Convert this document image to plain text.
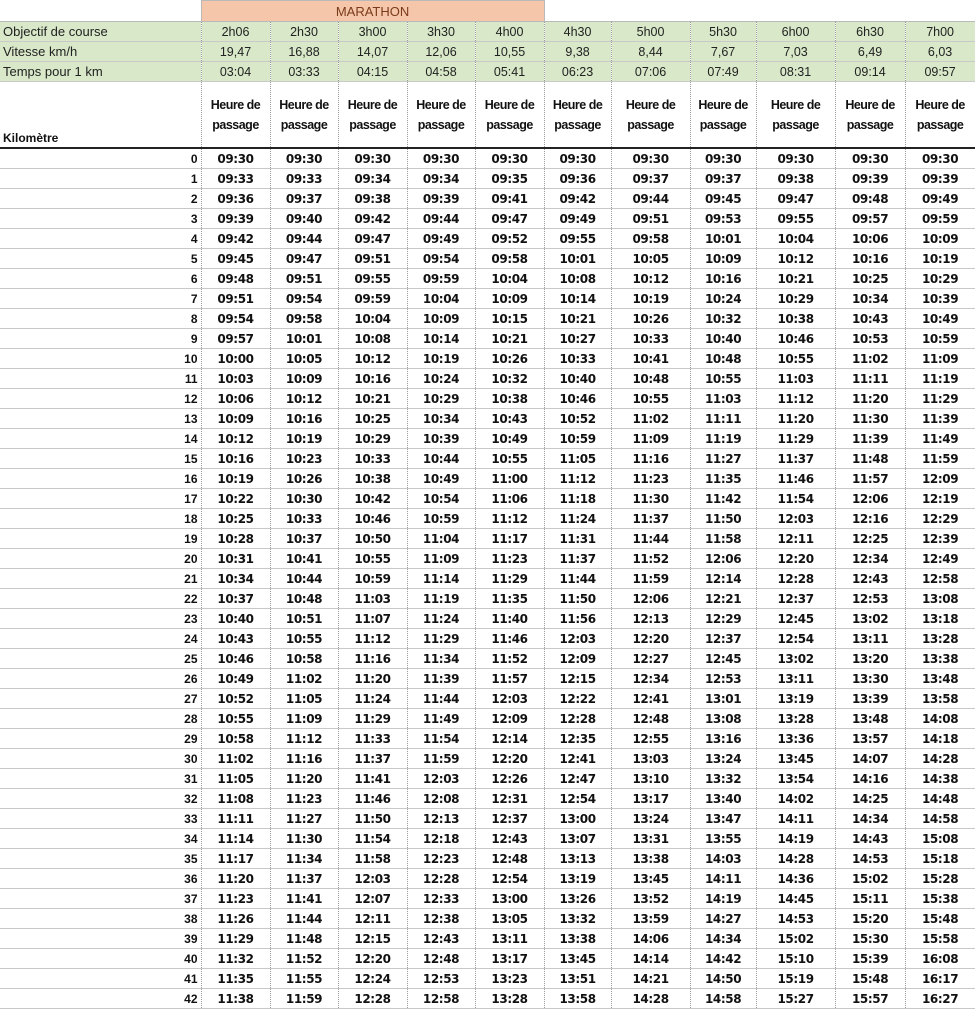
	MARATHON										
Objectif de course	2h06	2h30	3h00	3h30	4h00	4h30	5h00	5h30	6h00	6h30	7h00
Vitesse km/h	19,47	16,88	14,07	12,06	10,55	9,38	8,44	7,67	7,03	6,49	6,03
Temps pour 1 km	03:04	03:33	04:15	04:58	05:41	06:23	07:06	07:49	08:31	09:14	09:57
Kilomètre	Heure de passage	Heure de passage	Heure de passage	Heure de passage	Heure de passage	Heure de passage	Heure de passage	Heure de passage	Heure de passage	Heure de passage	Heure de passage
0	09:30	09:30	09:30	09:30	09:30	09:30	09:30	09:30	09:30	09:30	09:30
1	09:33	09:33	09:34	09:34	09:35	09:36	09:37	09:37	09:38	09:39	09:39
2	09:36	09:37	09:38	09:39	09:41	09:42	09:44	09:45	09:47	09:48	09:49
3	09:39	09:40	09:42	09:44	09:47	09:49	09:51	09:53	09:55	09:57	09:59
4	09:42	09:44	09:47	09:49	09:52	09:55	09:58	10:01	10:04	10:06	10:09
5	09:45	09:47	09:51	09:54	09:58	10:01	10:05	10:09	10:12	10:16	10:19
6	09:48	09:51	09:55	09:59	10:04	10:08	10:12	10:16	10:21	10:25	10:29
7	09:51	09:54	09:59	10:04	10:09	10:14	10:19	10:24	10:29	10:34	10:39
8	09:54	09:58	10:04	10:09	10:15	10:21	10:26	10:32	10:38	10:43	10:49
9	09:57	10:01	10:08	10:14	10:21	10:27	10:33	10:40	10:46	10:53	10:59
10	10:00	10:05	10:12	10:19	10:26	10:33	10:41	10:48	10:55	11:02	11:09
11	10:03	10:09	10:16	10:24	10:32	10:40	10:48	10:55	11:03	11:11	11:19
12	10:06	10:12	10:21	10:29	10:38	10:46	10:55	11:03	11:12	11:20	11:29
13	10:09	10:16	10:25	10:34	10:43	10:52	11:02	11:11	11:20	11:30	11:39
14	10:12	10:19	10:29	10:39	10:49	10:59	11:09	11:19	11:29	11:39	11:49
15	10:16	10:23	10:33	10:44	10:55	11:05	11:16	11:27	11:37	11:48	11:59
16	10:19	10:26	10:38	10:49	11:00	11:12	11:23	11:35	11:46	11:57	12:09
17	10:22	10:30	10:42	10:54	11:06	11:18	11:30	11:42	11:54	12:06	12:19
18	10:25	10:33	10:46	10:59	11:12	11:24	11:37	11:50	12:03	12:16	12:29
19	10:28	10:37	10:50	11:04	11:17	11:31	11:44	11:58	12:11	12:25	12:39
20	10:31	10:41	10:55	11:09	11:23	11:37	11:52	12:06	12:20	12:34	12:49
21	10:34	10:44	10:59	11:14	11:29	11:44	11:59	12:14	12:28	12:43	12:58
22	10:37	10:48	11:03	11:19	11:35	11:50	12:06	12:21	12:37	12:53	13:08
23	10:40	10:51	11:07	11:24	11:40	11:56	12:13	12:29	12:45	13:02	13:18
24	10:43	10:55	11:12	11:29	11:46	12:03	12:20	12:37	12:54	13:11	13:28
25	10:46	10:58	11:16	11:34	11:52	12:09	12:27	12:45	13:02	13:20	13:38
26	10:49	11:02	11:20	11:39	11:57	12:15	12:34	12:53	13:11	13:30	13:48
27	10:52	11:05	11:24	11:44	12:03	12:22	12:41	13:01	13:19	13:39	13:58
28	10:55	11:09	11:29	11:49	12:09	12:28	12:48	13:08	13:28	13:48	14:08
29	10:58	11:12	11:33	11:54	12:14	12:35	12:55	13:16	13:36	13:57	14:18
30	11:02	11:16	11:37	11:59	12:20	12:41	13:03	13:24	13:45	14:07	14:28
31	11:05	11:20	11:41	12:03	12:26	12:47	13:10	13:32	13:54	14:16	14:38
32	11:08	11:23	11:46	12:08	12:31	12:54	13:17	13:40	14:02	14:25	14:48
33	11:11	11:27	11:50	12:13	12:37	13:00	13:24	13:47	14:11	14:34	14:58
34	11:14	11:30	11:54	12:18	12:43	13:07	13:31	13:55	14:19	14:43	15:08
35	11:17	11:34	11:58	12:23	12:48	13:13	13:38	14:03	14:28	14:53	15:18
36	11:20	11:37	12:03	12:28	12:54	13:19	13:45	14:11	14:36	15:02	15:28
37	11:23	11:41	12:07	12:33	13:00	13:26	13:52	14:19	14:45	15:11	15:38
38	11:26	11:44	12:11	12:38	13:05	13:32	13:59	14:27	14:53	15:20	15:48
39	11:29	11:48	12:15	12:43	13:11	13:38	14:06	14:34	15:02	15:30	15:58
40	11:32	11:52	12:20	12:48	13:17	13:45	14:14	14:42	15:10	15:39	16:08
41	11:35	11:55	12:24	12:53	13:23	13:51	14:21	14:50	15:19	15:48	16:17
42	11:38	11:59	12:28	12:58	13:28	13:58	14:28	14:58	15:27	15:57	16:27
